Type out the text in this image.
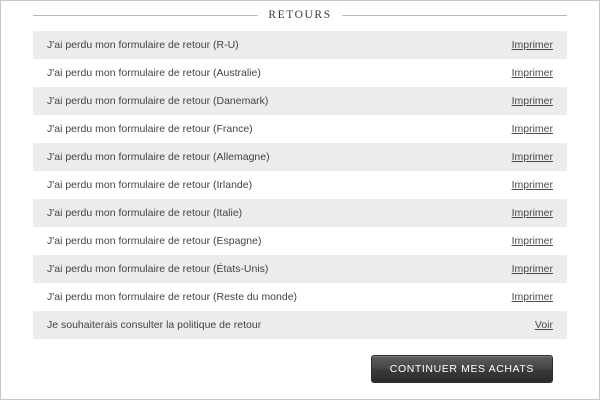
RETOURS
J'ai perdu mon formulaire de retour (R-U)	Imprimer
J'ai perdu mon formulaire de retour (Australie)	Imprimer
J'ai perdu mon formulaire de retour (Danemark)	Imprimer
J'ai perdu mon formulaire de retour (France)	Imprimer
J'ai perdu mon formulaire de retour (Allemagne)	Imprimer
J'ai perdu mon formulaire de retour (Irlande)	Imprimer
J'ai perdu mon formulaire de retour (Italie)	Imprimer
J'ai perdu mon formulaire de retour (Espagne)	Imprimer
J'ai perdu mon formulaire de retour (États-Unis)	Imprimer
J'ai perdu mon formulaire de retour (Reste du monde)	Imprimer
Je souhaiterais consulter la politique de retour	Voir
CONTINUER MES ACHATS
